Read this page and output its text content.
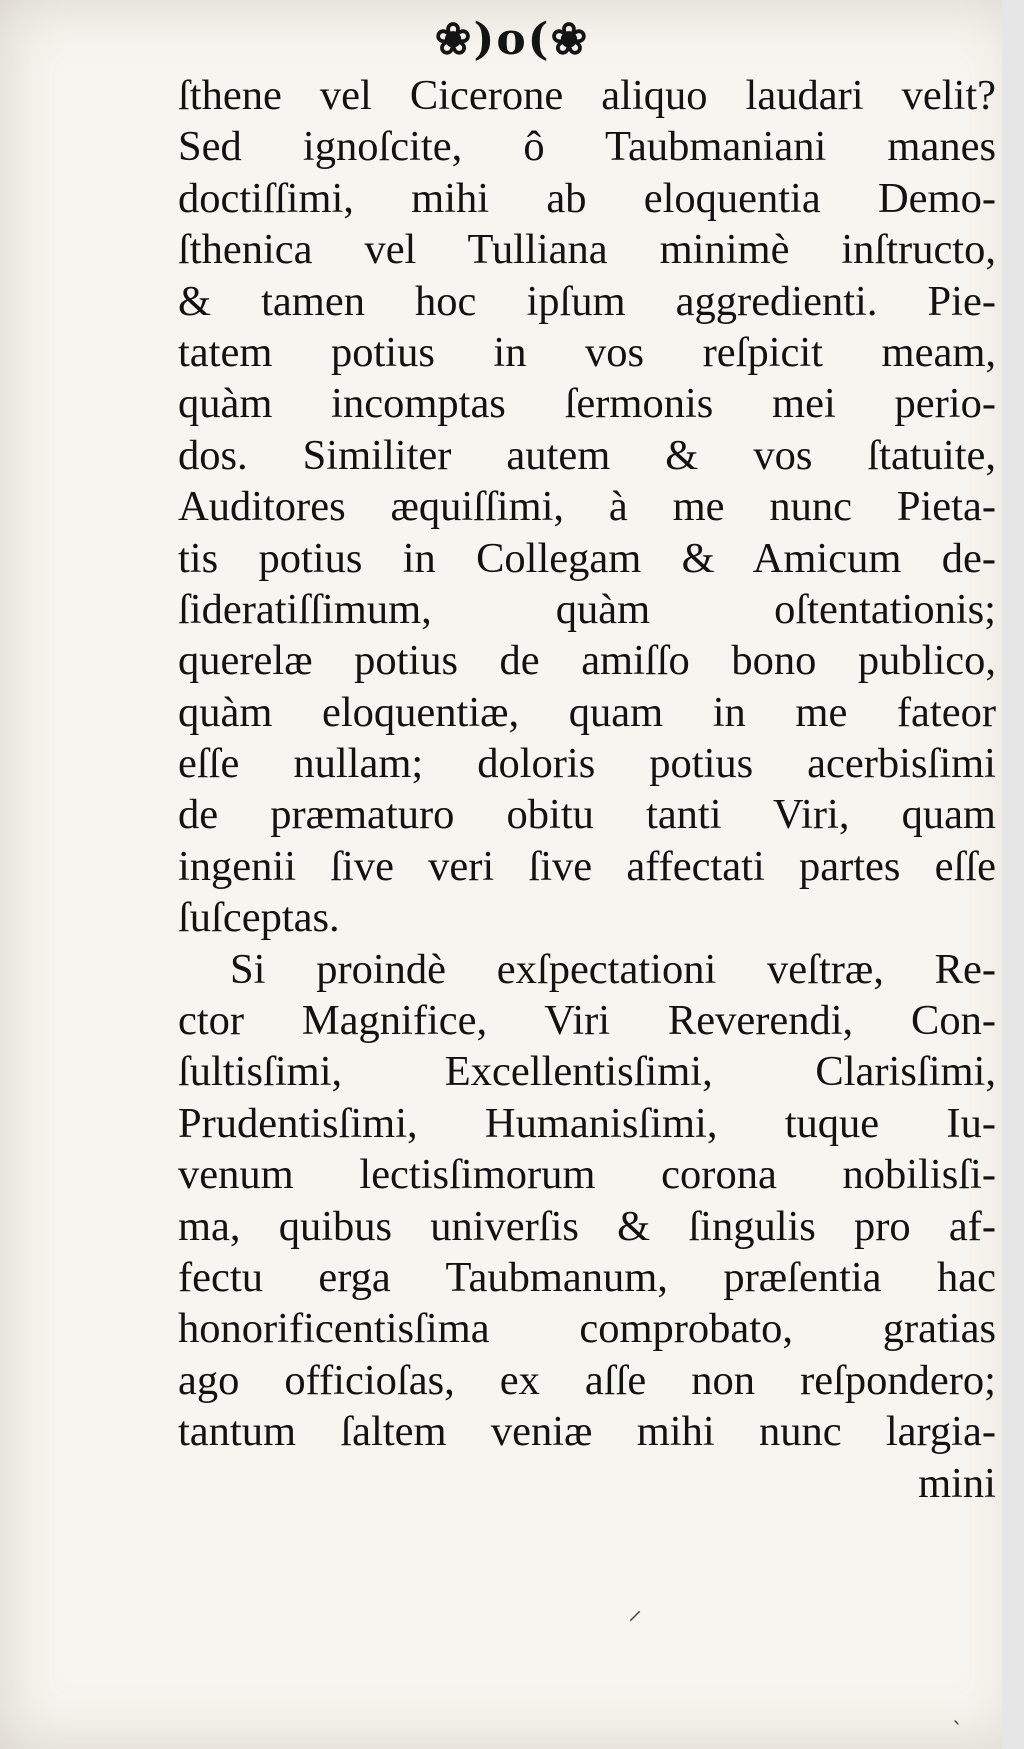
❀)o(❀
ſthene vel Cicerone aliquo laudari velit?
Sed ignoſcite, ô Taubmaniani manes
doctiſſimi, mihi ab eloquentia Demo-
ſthenica vel Tulliana minimè inſtructo,
& tamen hoc ipſum aggredienti. Pie-
tatem potius in vos reſpicit meam,
quàm incomptas ſermonis mei perio-
dos. Similiter autem & vos ſtatuite,
Auditores æquiſſimi, à me nunc Pieta-
tis potius in Collegam & Amicum de-
ſideratiſſimum, quàm oſtentationis;
querelæ potius de amiſſo bono publico,
quàm eloquentiæ, quam in me fateor
eſſe nullam; doloris potius acerbisſimi
de præmaturo obitu tanti Viri, quam
ingenii ſive veri ſive affectati partes eſſe
ſuſceptas.
Si proindè exſpectationi veſtræ, Re-
ctor Magnifice, Viri Reverendi, Con-
ſultisſimi, Excellentisſimi, Clarisſimi,
Prudentisſimi, Humanisſimi, tuque Iu-
venum lectisſimorum corona nobilisſi-
ma, quibus univerſis & ſingulis pro af-
fectu erga Taubmanum, præſentia hac
honorificentisſima comprobato, gratias
ago officioſas, ex aſſe non reſpondero;
tantum ſaltem veniæ mihi nunc largia-
mini
⸝
ˎ
